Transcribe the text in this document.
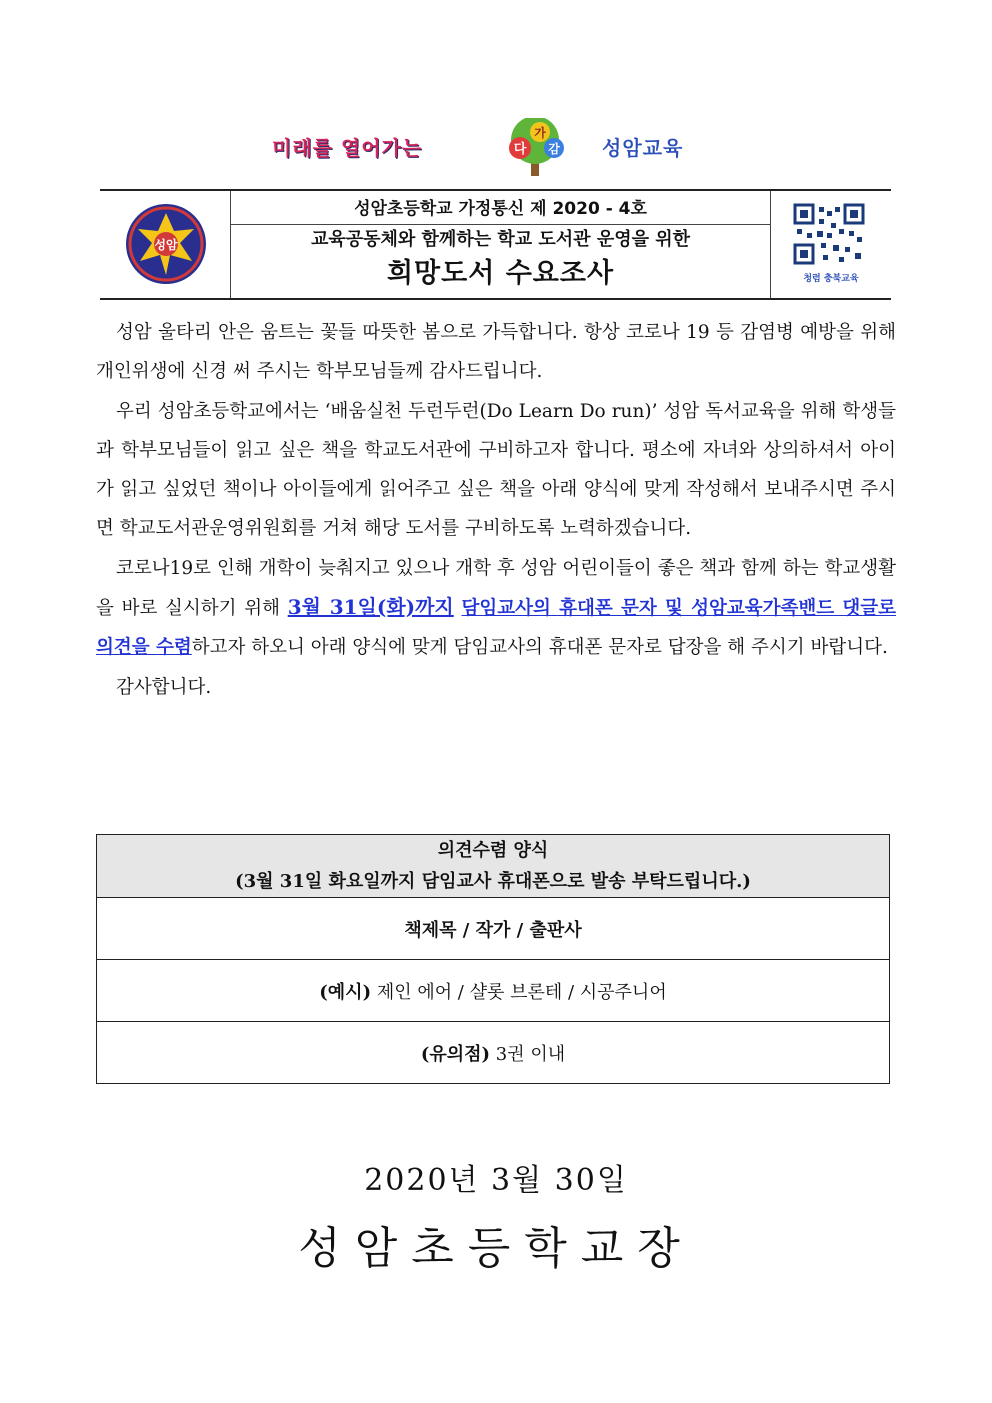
미래를 열어가는	다
가
감 성암교육
성암
성암초등학교 가정통신 제 2020 - 4호
교육공동체와 함께하는 학교 도서관 운영을 위한
희망도서 수요조사	청렴 충북교육

성암 울타리 안은 움트는 꽃들 따뜻한 봄으로 가득합니다. 항상 코로나 19 등 감염병 예방을 위해 개인위생에 신경 써 주시는 학부모님들께 감사드립니다.

우리 성암초등학교에서는 ‘배움실천 두런두런(Do Learn Do run)’ 성암 독서교육을 위해 학생들과 학부모님들이 읽고 싶은 책을 학교도서관에 구비하고자 합니다. 평소에 자녀와 상의하셔서 아이가 읽고 싶었던 책이나 아이들에게 읽어주고 싶은 책을 아래 양식에 맞게 작성해서 보내주시면 주시면 학교도서관운영위원회를 거쳐 해당 도서를 구비하도록 노력하겠습니다.

코로나19로 인해 개학이 늦춰지고 있으나 개학 후 성암 어린이들이 좋은 책과 함께 하는 학교생활을 바로 실시하기 위해 3월 31일(화)까지 담임교사의 휴대폰 문자 및 성암교육가족밴드 댓글로 의견을 수렴하고자 하오니 아래 양식에 맞게 담임교사의 휴대폰 문자로 답장을 해 주시기 바랍니다.

감사합니다.

의견수렴 양식
(3월 31일 화요일까지 담임교사 휴대폰으로 발송 부탁드립니다.)

책제목 / 작가 / 출판사
(예시) 제인 에어 / 샬롯 브론테 / 시공주니어
(유의점) 3권 이내
2020년 3월 30일
성암초등학교장
